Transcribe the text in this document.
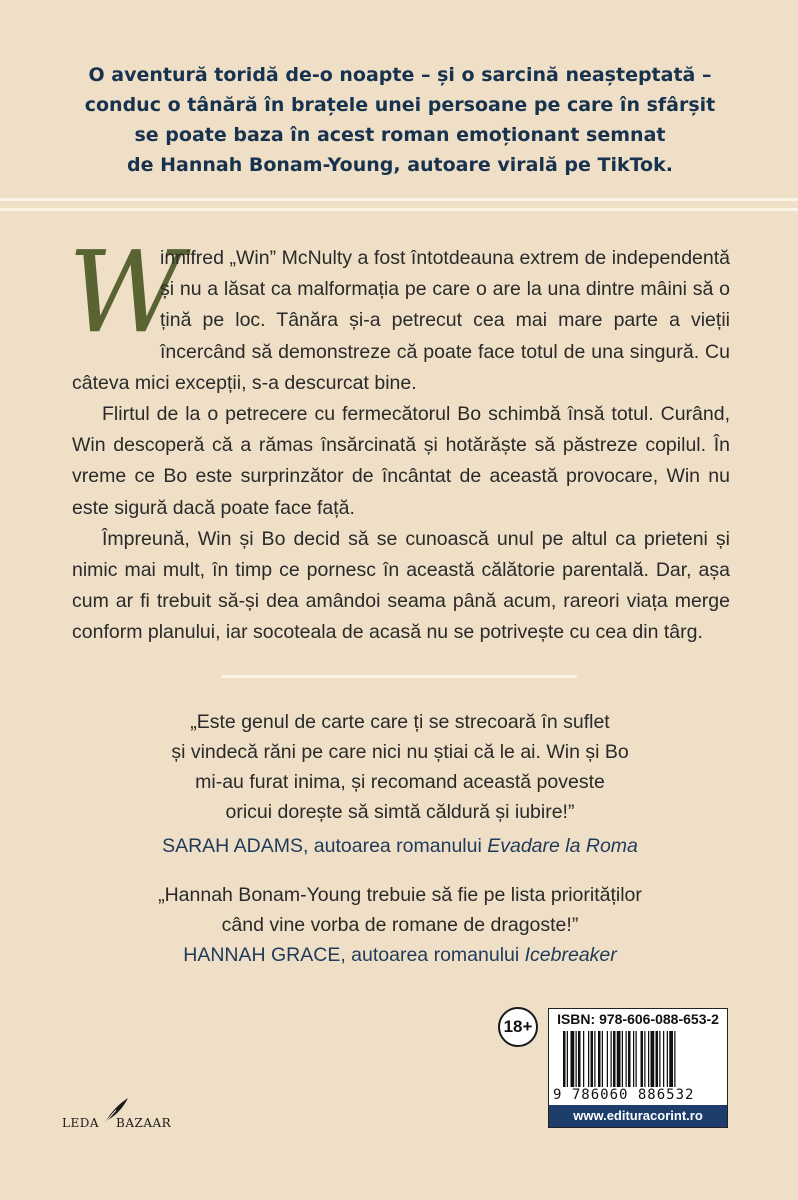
O aventură toridă de-o noapte – și o sarcină neașteptată –
conduc o tânără în brațele unei persoane pe care în sfârșit
se poate baza în acest roman emoționant semnat
de Hannah Bonam-Young, autoare virală pe TikTok.

W
innifred „Win” McNulty a fost întotdeauna extrem de independentă și nu a lăsat ca malformația pe care o are la una dintre mâini să o țină pe loc. Tânăra și-a petrecut cea mai mare parte a vieții încercând să demonstreze că poate face totul de una singură. Cu câteva mici excepții, s-a descurcat bine.

Flirtul de la o petrecere cu fermecătorul Bo schimbă însă totul. Curând, Win descoperă că a rămas însărcinată și hotărăște să păstreze copilul. În vreme ce Bo este surprinzător de încântat de această provocare, Win nu este sigură dacă poate face față.

Împreună, Win și Bo decid să se cunoască unul pe altul ca prieteni și nimic mai mult, în timp ce pornesc în această călătorie parentală. Dar, așa cum ar fi trebuit să-și dea amândoi seama până acum, rareori viața merge conform planului, iar socoteala de acasă nu se potrivește cu cea din târg.

„Este genul de carte care ți se strecoară în suflet
și vindecă răni pe care nici nu știai că le ai. Win și Bo
mi-au furat inima, și recomand această poveste
oricui dorește să simtă căldură și iubire!”
SARAH ADAMS, autoarea romanului Evadare la Roma
„Hannah Bonam-Young trebuie să fie pe lista priorităților
când vine vorba de romane de dragoste!”
HANNAH GRACE, autoarea romanului Icebreaker
LEDA BAZAAR
18+	ISBN: 978-606-088-653-2
9 786060 886532
www.edituracorint.ro
